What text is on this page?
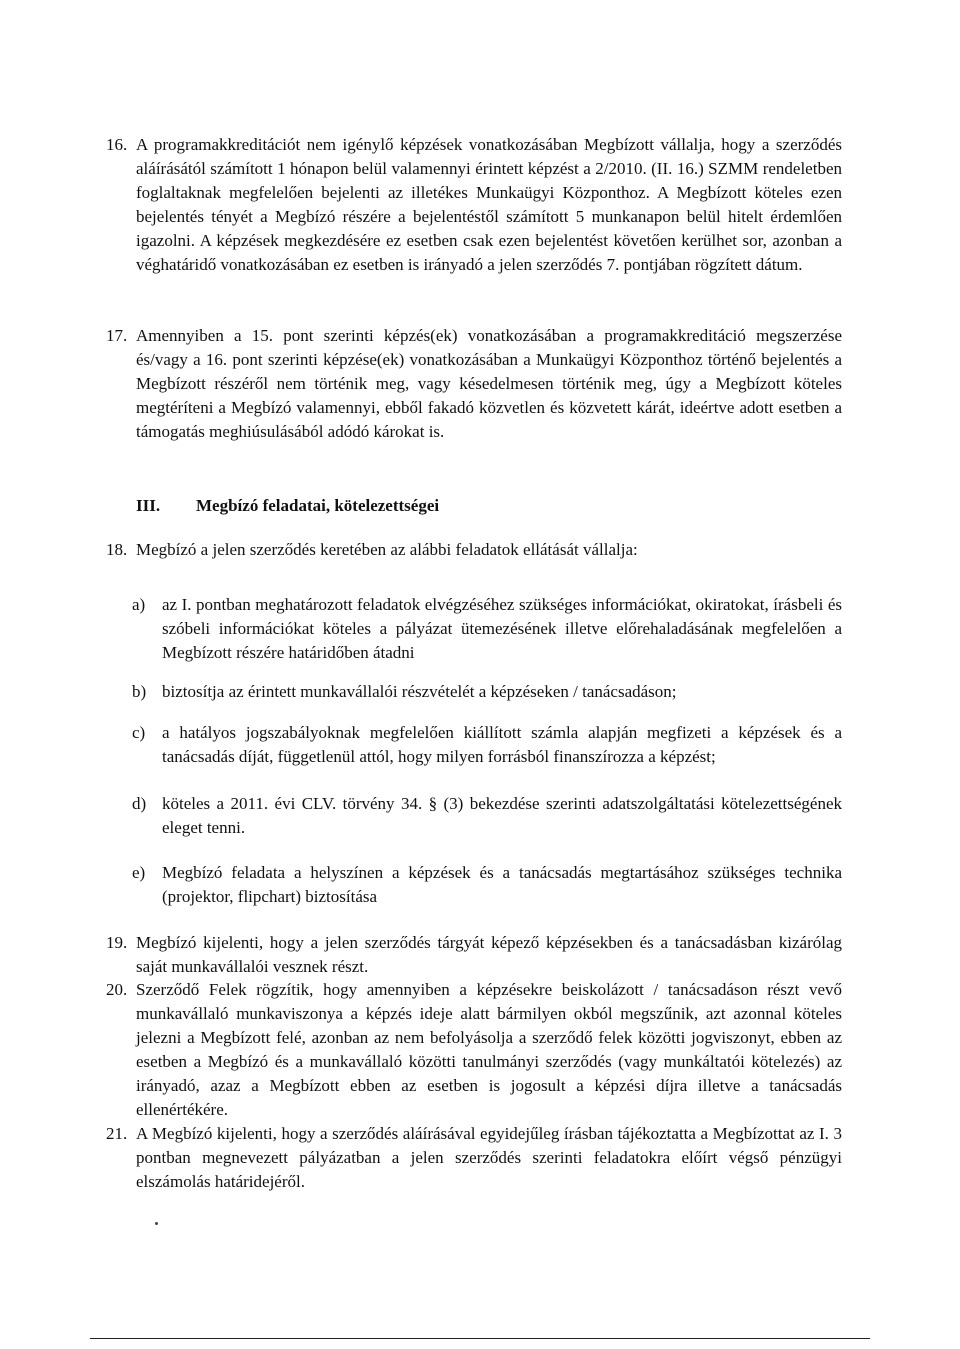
16. A programakkreditációt nem igénylő képzések vonatkozásában Megbízott vállalja, hogy a szerződés aláírásától számított 1 hónapon belül valamennyi érintett képzést a 2/2010. (II. 16.) SZMM rendeletben foglaltaknak megfelelően bejelenti az illetékes Munkaügyi Központhoz. A Megbízott köteles ezen bejelentés tényét a Megbízó részére a bejelentéstől számított 5 munkanapon belül hitelt érdemlően igazolni. A képzések megkezdésére ez esetben csak ezen bejelentést követően kerülhet sor, azonban a véghatáridő vonatkozásában ez esetben is irányadó a jelen szerződés 7. pontjában rögzített dátum.
17. Amennyiben a 15. pont szerinti képzés(ek) vonatkozásában a programakkreditáció megszerzése és/vagy a 16. pont szerinti képzése(ek) vonatkozásában a Munkaügyi Központhoz történő bejelentés a Megbízott részéről nem történik meg, vagy késedelmesen történik meg, úgy a Megbízott köteles megtéríteni a Megbízó valamennyi, ebből fakadó közvetlen és közvetett kárát, ideértve adott esetben a támogatás meghiúsulásából adódó károkat is.
III. Megbízó feladatai, kötelezettségei
18. Megbízó a jelen szerződés keretében az alábbi feladatok ellátását vállalja:
a) az I. pontban meghatározott feladatok elvégzéséhez szükséges információkat, okiratokat, írásbeli és szóbeli információkat köteles a pályázat ütemezésének illetve előrehaladásának megfelelően a Megbízott részére határidőben átadni
b) biztosítja az érintett munkavállalói részvételét a képzéseken / tanácsadáson;
c) a hatályos jogszabályoknak megfelelően kiállított számla alapján megfizeti a képzések és a tanácsadás díját, függetlenül attól, hogy milyen forrásból finanszírozza a képzést;
d) köteles a 2011. évi CLV. törvény 34. § (3) bekezdése szerinti adatszolgáltatási kötelezettségének eleget tenni.
e) Megbízó feladata a helyszínen a képzések és a tanácsadás megtartásához szükséges technika (projektor, flipchart) biztosítása
19. Megbízó kijelenti, hogy a jelen szerződés tárgyát képező képzésekben és a tanácsadásban kizárólag saját munkavállalói vesznek részt.
20. Szerződő Felek rögzítik, hogy amennyiben a képzésekre beiskolázott / tanácsadáson részt vevő munkavállaló munkaviszonya a képzés ideje alatt bármilyen okból megszűnik, azt azonnal köteles jelezni a Megbízott felé, azonban az nem befolyásolja a szerződő felek közötti jogviszonyt, ebben az esetben a Megbízó és a munkavállaló közötti tanulmányi szerződés (vagy munkáltatói kötelezés) az irányadó, azaz a Megbízott ebben az esetben is jogosult a képzési díjra illetve a tanácsadás ellenértékére.
21. A Megbízó kijelenti, hogy a szerződés aláírásával egyidejűleg írásban tájékoztatta a Megbízottat az I. 3 pontban megnevezett pályázatban a jelen szerződés szerinti feladatokra előírt végső pénzügyi elszámolás határidejéről.
